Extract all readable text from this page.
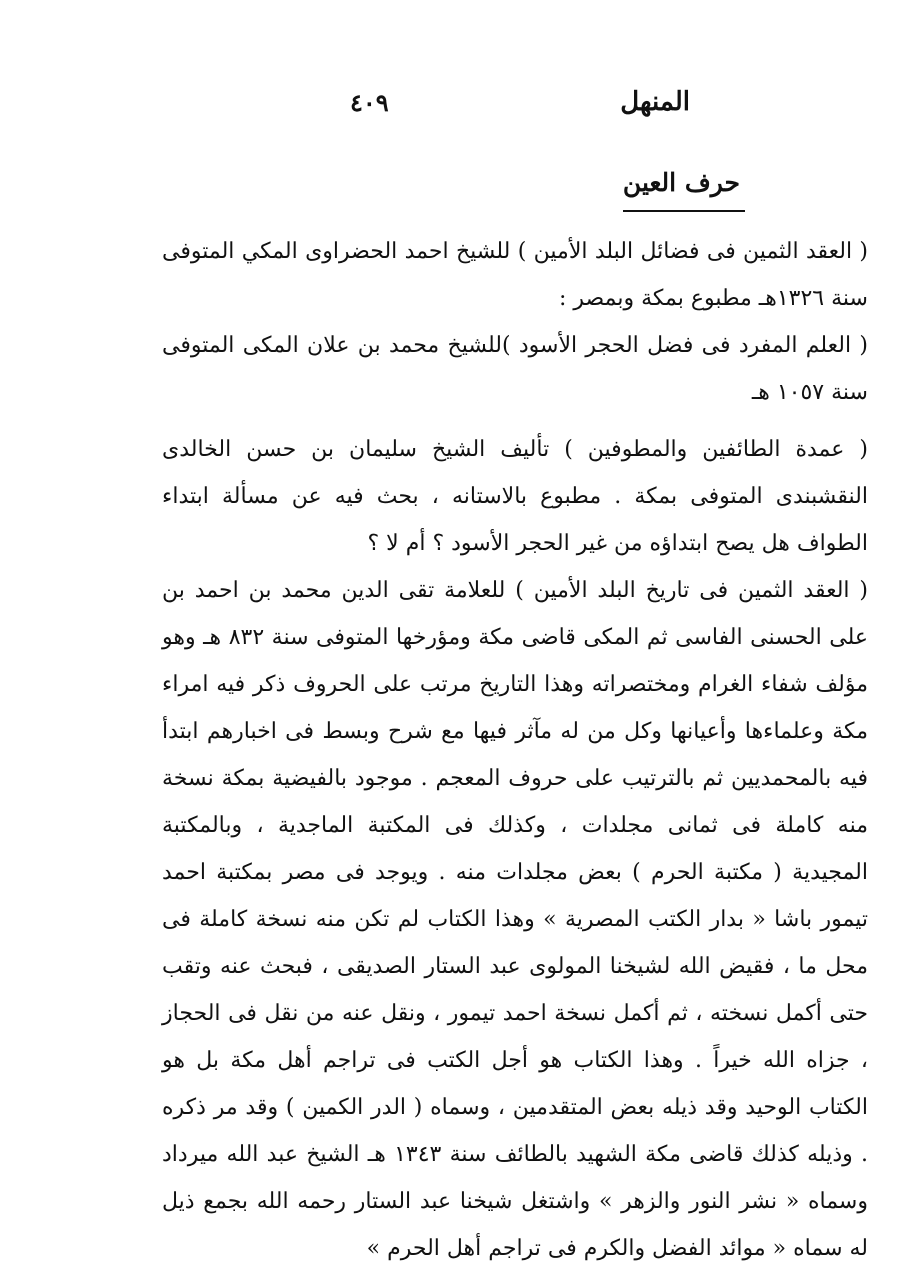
المنهل
٤٠٩
حرف العين

( العقد الثمين فى فضائل البلد الأمين ) للشيخ احمد الحضراوى المكي المتوفى سنة ١٣٢٦هـ مطبوع بمكة وبمصر :

( العلم المفرد فى فضل الحجر الأسود )للشيخ محمد بن علان المكى المتوفى سنة ١٠٥٧ هـ

( عمدة الطائفين والمطوفين ) تأليف الشيخ سليمان بن حسن الخالدى النقشبندى المتوفى بمكة . مطبوع بالاستانه ، بحث فيه عن مسألة ابتداء الطواف هل يصح ابتداؤه من غير الحجر الأسود ؟ أم لا ؟

( العقد الثمين فى تاريخ البلد الأمين ) للعلامة تقى الدين محمد بن احمد بن على الحسنى الفاسى ثم المكى قاضى مكة ومؤرخها المتوفى سنة ٨٣٢ هـ وهو مؤلف شفاء الغرام ومختصراته وهذا التاريخ مرتب على الحروف ذكر فيه امراء مكة وعلماءها وأعيانها وكل من له مآثر فيها مع شرح وبسط فى اخبارهم ابتدأ فيه بالمحمديين ثم بالترتيب على حروف المعجم . موجود بالفيضية بمكة نسخة منه كاملة فى ثمانى مجلدات ، وكذلك فى المكتبة الماجدية ، وبالمكتبة المجيدية ( مكتبة الحرم ) بعض مجلدات منه . ويوجد فى مصر بمكتبة احمد تيمور باشا « بدار الكتب المصرية » وهذا الكتاب لم تكن منه نسخة كاملة فى محل ما ، فقيض الله لشيخنا المولوى عبد الستار الصديقى ، فبحث عنه وتقب حتى أكمل نسخته ، ثم أكمل نسخة احمد تيمور ، ونقل عنه من نقل فى الحجاز ، جزاه الله خيراً . وهذا الكتاب هو أجل الكتب فى تراجم أهل مكة بل هو الكتاب الوحيد وقد ذيله بعض المتقدمين ، وسماه ( الدر الكمين ) وقد مر ذكره . وذيله كذلك قاضى مكة الشهيد بالطائف سنة ١٣٤٣ هـ الشيخ عبد الله ميرداد وسماه « نشر النور والزهر » واشتغل شيخنا عبد الستار رحمه الله بجمع ذيل له سماه « موائد الفضل والكرم فى تراجم أهل الحرم »
